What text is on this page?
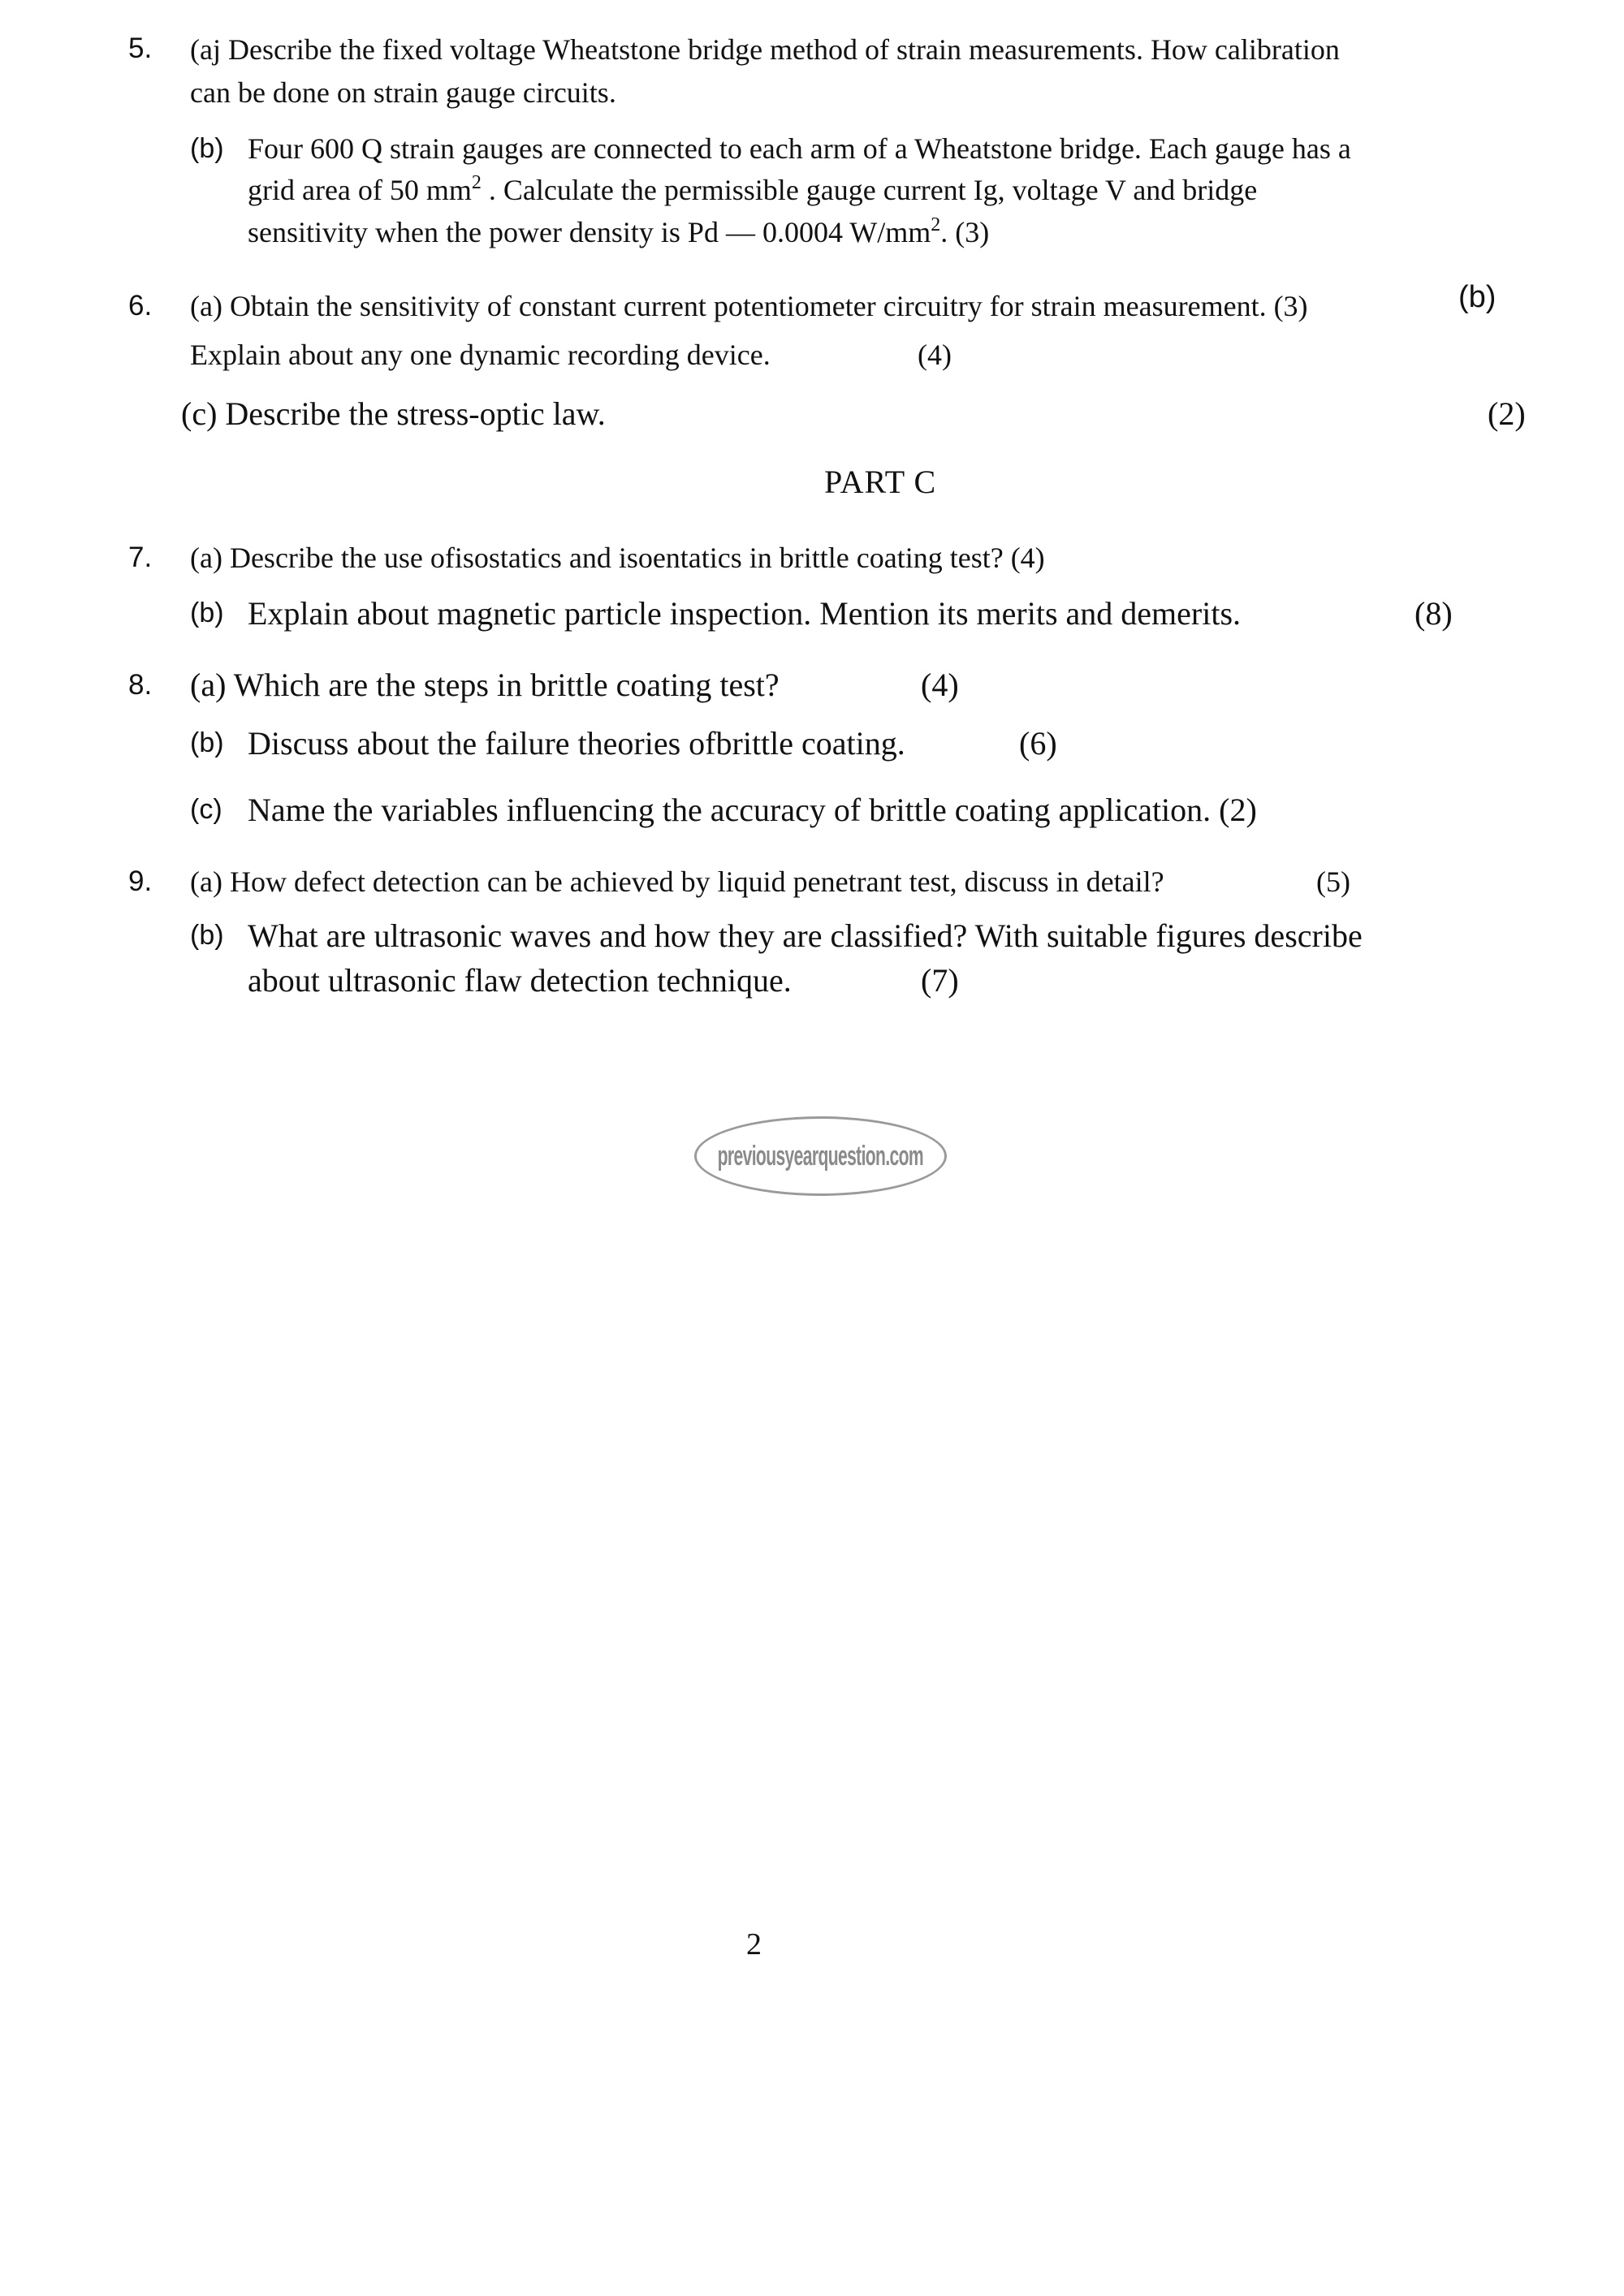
5. (aj Describe the fixed voltage Wheatstone bridge method of strain measurements. How calibration
can be done on strain gauge circuits.
(b) Four 600 Q strain gauges are connected to each arm of a Wheatstone bridge. Each gauge has a
grid area of 50 $mm^2$ . Calculate the permissible gauge current Ig, voltage V and bridge
sensitivity when the power density is Pd — 0.0004 $W/mm^2$. (3)
6. (a) Obtain the sensitivity of constant current potentiometer circuitry for strain measurement. (3)	(b)
Explain about any one dynamic recording device.	(4)
(c) Describe the stress-optic law.	(2)
PART C
7. (a) Describe the use ofisostatics and isoentatics in brittle coating test? (4)
(b) Explain about magnetic particle inspection. Mention its merits and demerits.	(8)
8. (a) Which are the steps in brittle coating test?	(4)
(b) Discuss about the failure theories ofbrittle coating.	(6)
(c) Name the variables influencing the accuracy of brittle coating application. (2)
9. (a) How defect detection can be achieved by liquid penetrant test, discuss in detail?	(5)
(b) What are ultrasonic waves and how they are classified? With suitable figures describe
about ultrasonic flaw detection technique.	(7)
previousyearquestion.com
2
